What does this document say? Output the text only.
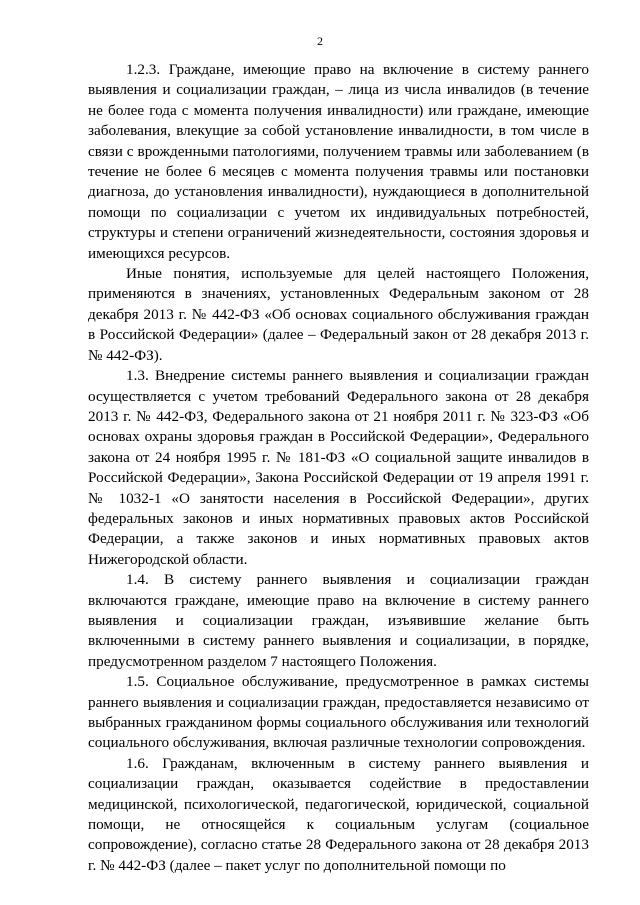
2

1.2.3. Граждане, имеющие право на включение в систему раннего выявления и социализации граждан, – лица из числа инвалидов (в течение не более года с момента получения инвалидности) или граждане, имеющие заболевания, влекущие за собой установление инвалидности, в том числе в связи с врожденными патологиями, получением травмы или заболеванием (в течение не более 6 месяцев с момента получения травмы или постановки диагноза, до установления инвалидности), нуждающиеся в дополнительной помощи по социализации с учетом их индивидуальных потребностей, структуры и степени ограничений жизнедеятельности, состояния здоровья и имеющихся ресурсов.

Иные понятия, используемые для целей настоящего Положения, применяются в значениях, установленных Федеральным законом от 28 декабря 2013 г. № 442-ФЗ «Об основах социального обслуживания граждан в Российской Федерации» (далее – Федеральный закон от 28 декабря 2013 г. № 442-ФЗ).

1.3. Внедрение системы раннего выявления и социализации граждан осуществляется с учетом требований Федерального закона от 28 декабря 2013 г. № 442-ФЗ, Федерального закона от 21 ноября 2011 г. № 323-ФЗ «Об основах охраны здоровья граждан в Российской Федерации», Федерального закона от 24 ноября 1995 г. № 181-ФЗ «О социальной защите инвалидов в Российской Федерации», Закона Российской Федерации от 19 апреля 1991 г. № 1032-1 «О занятости населения в Российской Федерации», других федеральных законов и иных нормативных правовых актов Российской Федерации, а также законов и иных нормативных правовых актов Нижегородской области.

1.4. В систему раннего выявления и социализации граждан включаются граждане, имеющие право на включение в систему раннего выявления и социализации граждан, изъявившие желание быть включенными в систему раннего выявления и социализации, в порядке, предусмотренном разделом 7 настоящего Положения.

1.5. Социальное обслуживание, предусмотренное в рамках системы раннего выявления и социализации граждан, предоставляется независимо от выбранных гражданином формы социального обслуживания или технологий социального обслуживания, включая различные технологии сопровождения.

1.6. Гражданам, включенным в систему раннего выявления и социализации граждан, оказывается содействие в предоставлении медицинской, психологической, педагогической, юридической, социальной помощи, не относящейся к социальным услугам (социальное сопровождение), согласно статье 28 Федерального закона от 28 декабря 2013 г. № 442-ФЗ (далее – пакет услуг по дополнительной помощи по
